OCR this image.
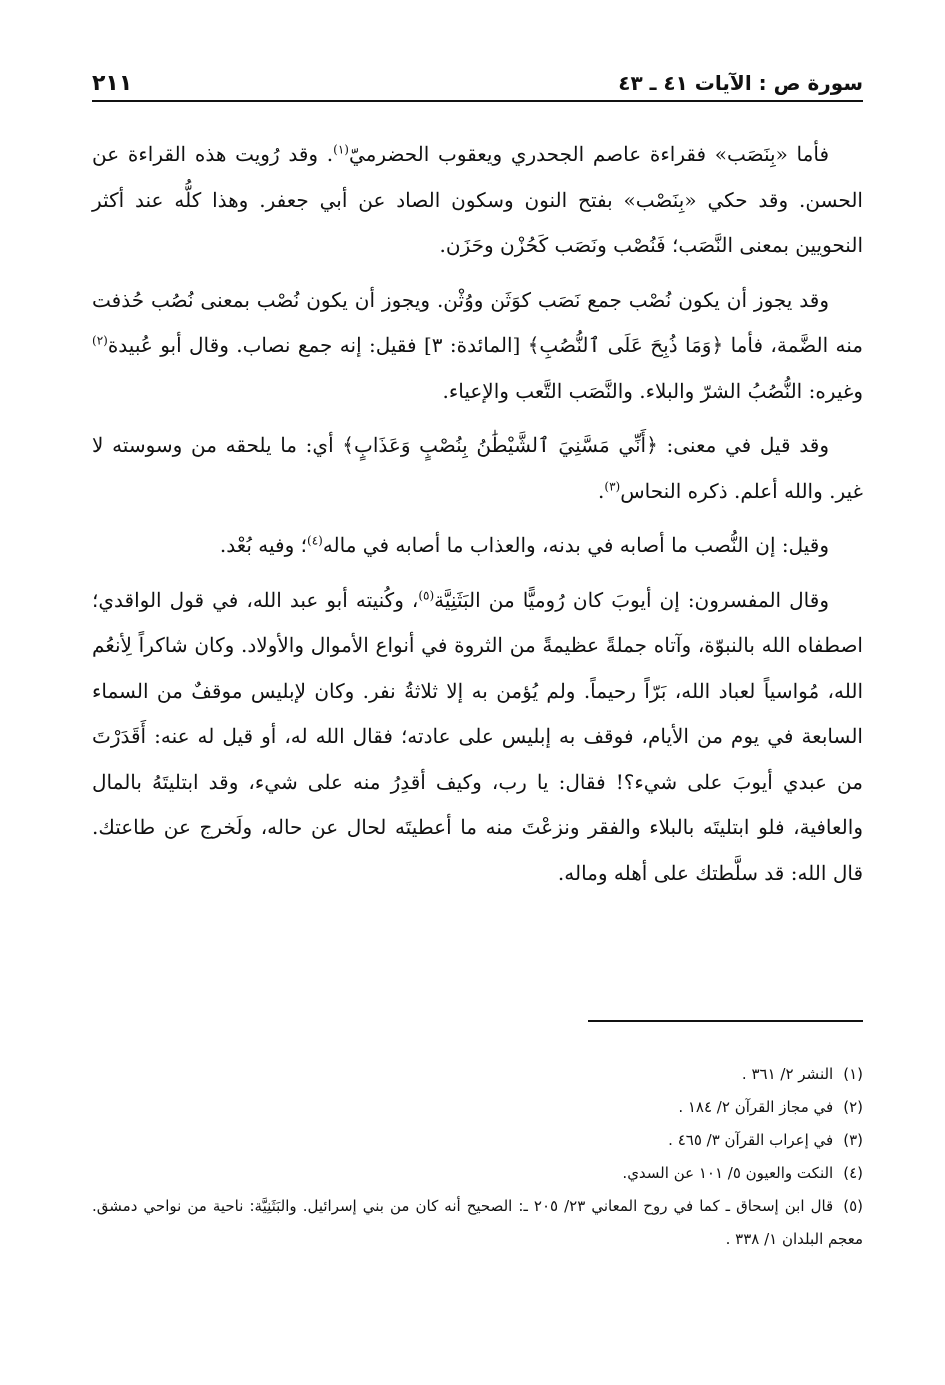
سورة ص : الآيات ٤١ ـ ٤٣
٢١١

فأما «بِنَصَب» فقراءة عاصم الجحدري ويعقوب الحضرميّ$^{(١)}$. وقد رُويت هذه القراءة عن الحسن. وقد حكي «بِنَصْب» بفتح النون وسكون الصاد عن أبي جعفر. وهذا كلُّه عند أكثر النحويين بمعنى النَّصَب؛ فَنُصْب ونَصَب كَحُزْن وحَزَن.

وقد يجوز أن يكون نُصْب جمع نَصَب كوَثَن ووُثْن. ويجوز أن يكون نُصْب بمعنى نُصُب حُذفت منه الضَّمة، فأما ﴿وَمَا ذُبِحَ عَلَى ٱلنُّصُبِ﴾ [المائدة: ٣] فقيل: إنه جمع نصاب. وقال أبو عُبيدة$^{(٢)}$ وغيره: النُّصُبُ الشرّ والبلاء. والنَّصَب التَّعب والإعياء.

وقد قيل في معنى: ﴿أَنِّي مَسَّنِيَ ٱلشَّيْطَٰنُ بِنُصْبٍ وَعَذَابٍ﴾ أي: ما يلحقه من وسوسته لا غير. والله أعلم. ذكره النحاس$^{(٣)}$.

وقيل: إن النُّصب ما أصابه في بدنه، والعذاب ما أصابه في ماله$^{(٤)}$؛ وفيه بُعْد.

وقال المفسرون: إن أيوبَ كان رُوميًّا من البَثَنِيَّة$^{(٥)}$، وكُنيته أبو عبد الله، في قول الواقدي؛ اصطفاه الله بالنبوّة، وآتاه جملةً عظيمةً من الثروة في أنواع الأموال والأولاد. وكان شاكراً لِأنعُم الله، مُواسياً لعباد الله، بَرّاً رحيماً. ولم يُؤمن به إلا ثلاثةُ نفر. وكان لإبليس موقفٌ من السماء السابعة في يوم من الأيام، فوقف به إبليس على عادته؛ فقال الله له، أو قيل له عنه: أَقَدَرْتَ من عبدي أيوبَ على شيء؟! فقال: يا رب، وكيف أقدِرُ منه على شيء، وقد ابتليتَهُ بالمال والعافية، فلو ابتليتَه بالبلاء والفقر ونزعْتَ منه ما أعطيتَه لحال عن حاله، ولَخرج عن طاعتك. قال الله: قد سلَّطتك على أهله وماله.

(١)النشر ٢/ ٣٦١ .

(٢)في مجاز القرآن ٢/ ١٨٤ .

(٣)في إعراب القرآن ٣/ ٤٦٥ .

(٤)النكت والعيون ٥/ ١٠١ عن السدي.

(٥)قال ابن إسحاق ـ كما في روح المعاني ٢٣/ ٢٠٥ ـ: الصحيح أنه كان من بني إسرائيل. والبَثَنِيَّة: ناحية من نواحي دمشق. معجم البلدان ١/ ٣٣٨ .
